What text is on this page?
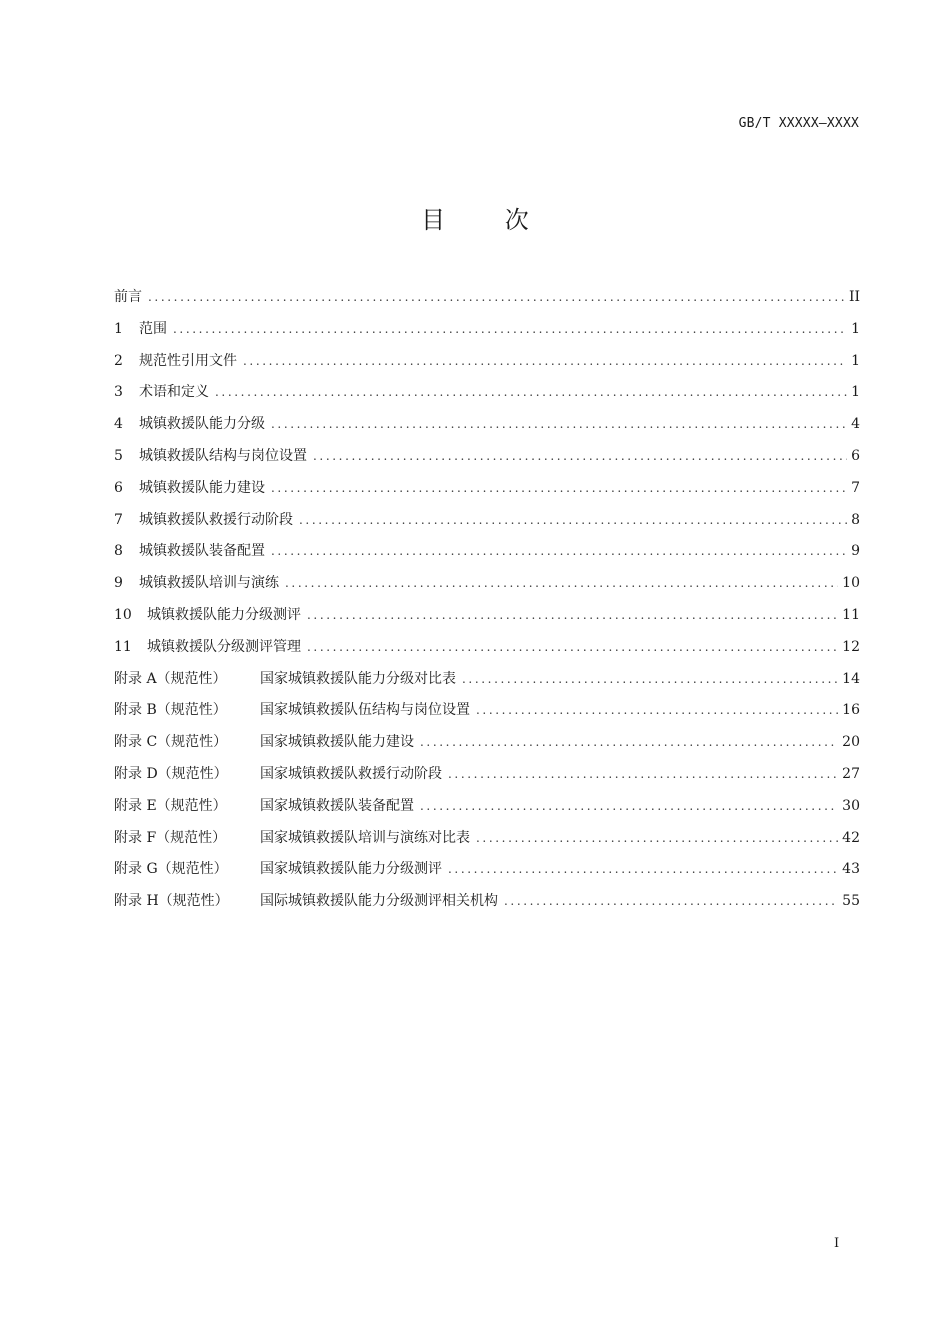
GB/T XXXXX—XXXX
目 次
前言 .....	II
1	范围 .....	1
2	规范性引用文件 .....	1
3	术语和定义 .....	1
4	城镇救援队能力分级 .....	4
5	城镇救援队结构与岗位设置 .....	6
6	城镇救援队能力建设 .....	7
7	城镇救援队救援行动阶段 .....	8
8	城镇救援队装备配置 .....	9
9	城镇救援队培训与演练 .....	10
10	城镇救援队能力分级测评 .....	11
11	城镇救援队分级测评管理 .....	12
附录 A（规范性）	国家城镇救援队能力分级对比表 .....	14
附录 B（规范性）	国家城镇救援队伍结构与岗位设置 .....	16
附录 C（规范性）	国家城镇救援队能力建设 .....	20
附录 D（规范性）	国家城镇救援队救援行动阶段 .....	27
附录 E（规范性）	国家城镇救援队装备配置 .....	30
附录 F（规范性）	国家城镇救援队培训与演练对比表 .....	42
附录 G（规范性）	国家城镇救援队能力分级测评 .....	43
附录 H（规范性）	国际城镇救援队能力分级测评相关机构 .....	55
I
